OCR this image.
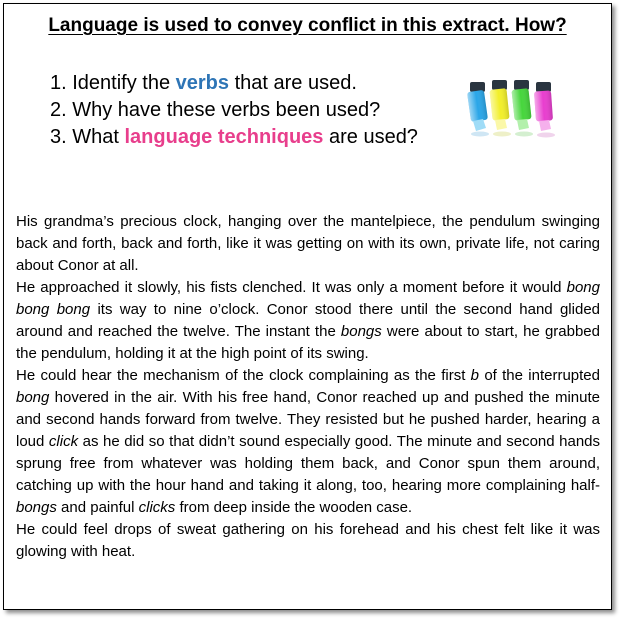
Language is used to convey conflict in this extract. How?
1. Identify the verbs that are used.
2. Why have these verbs been used?
3. What language techniques are used?

His grandma’s precious clock, hanging over the mantelpiece, the pendulum swinging back and forth, back and forth, like it was getting on with its own, private life, not caring about Conor at all.

He approached it slowly, his fists clenched. It was only a moment before it would bong bong bong its way to nine o’clock. Conor stood there until the second hand glided around and reached the twelve. The instant the bongs were about to start, he grabbed the pendulum, holding it at the high point of its swing.

He could hear the mechanism of the clock complaining as the first b of the interrupted bong hovered in the air. With his free hand, Conor reached up and pushed the minute and second hands forward from twelve. They resisted but he pushed harder, hearing a loud click as he did so that didn’t sound especially good. The minute and second hands sprung free from whatever was holding them back, and Conor spun them around, catching up with the hour hand and taking it along, too, hearing more complaining half-bongs and painful clicks from deep inside the wooden case.

He could feel drops of sweat gathering on his forehead and his chest felt like it was glowing with heat.
